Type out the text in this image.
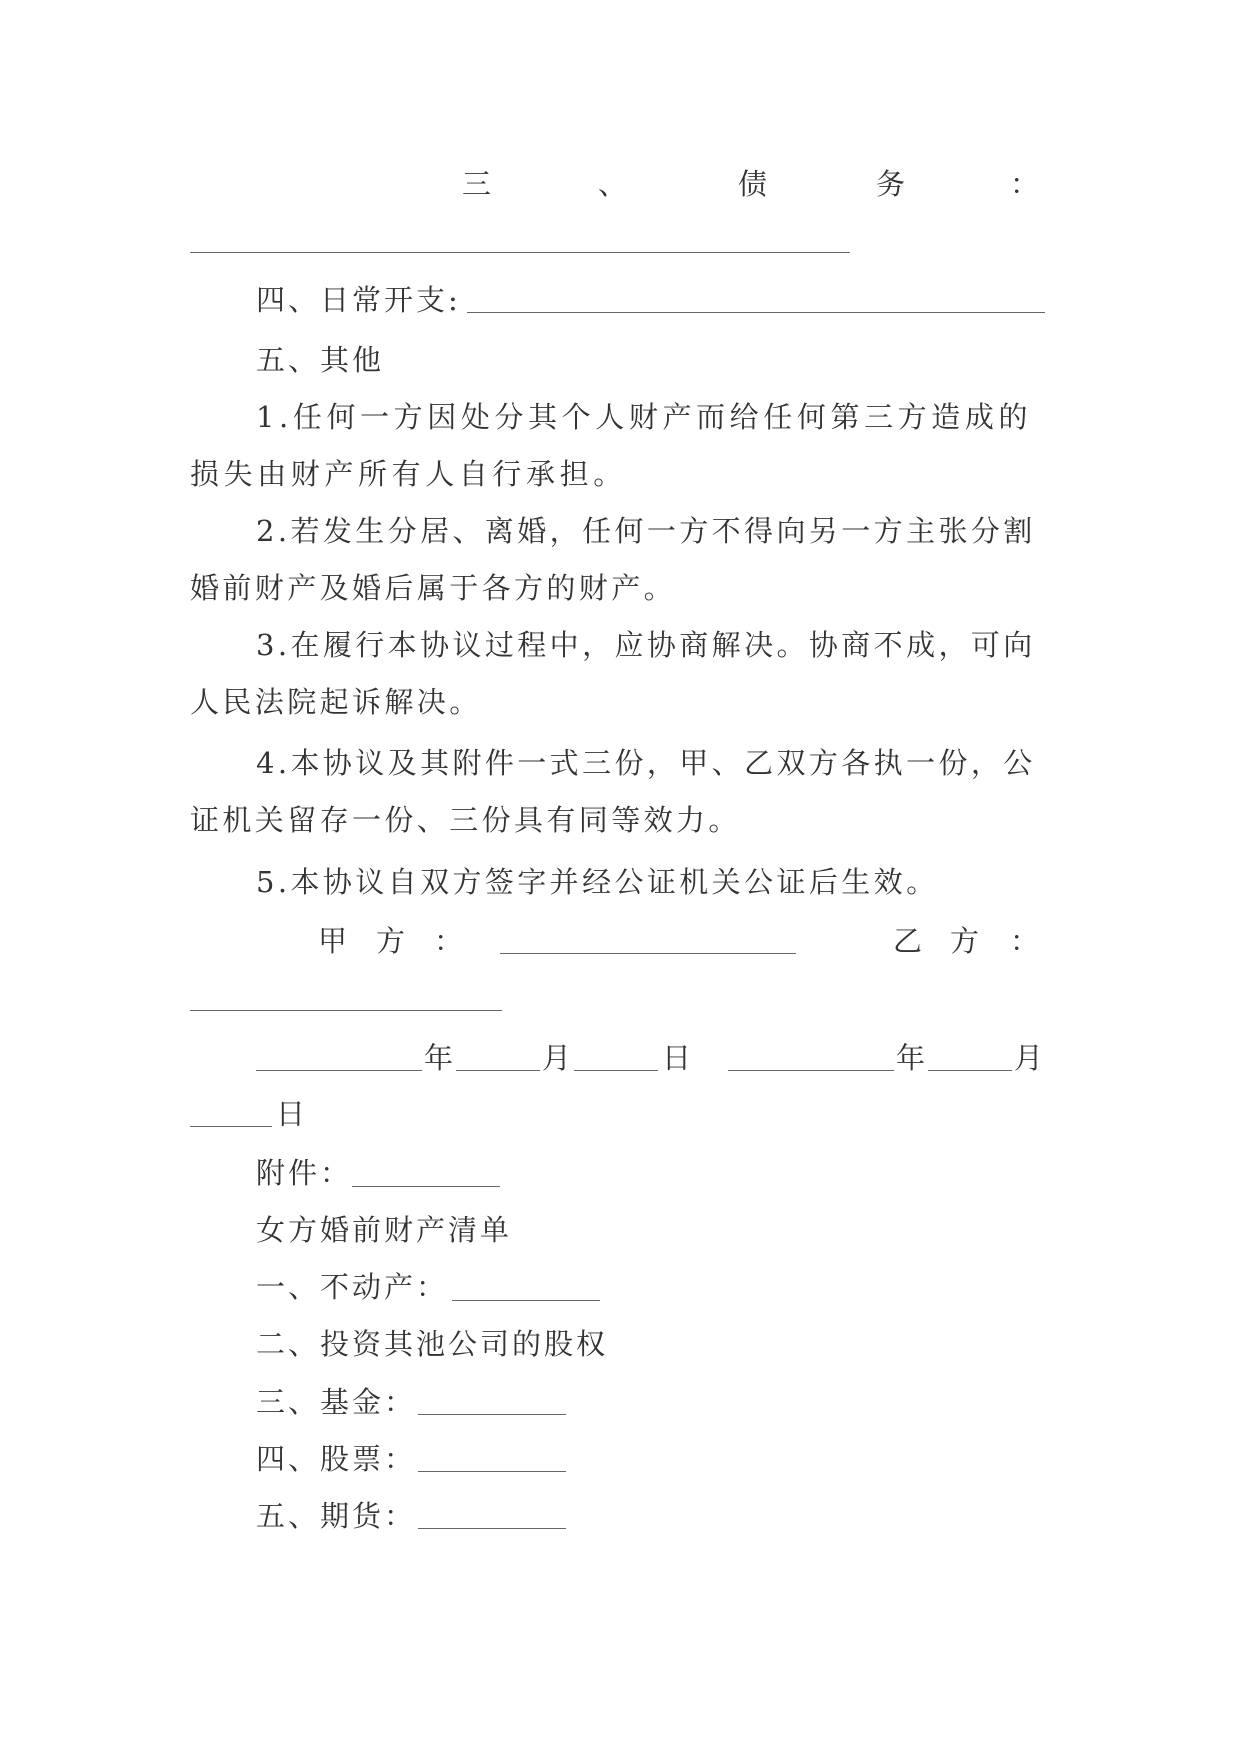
三	、	债	务	：
四、日常开支:
五、其他
1.任何一方因处分其个人财产而给任何第三方造成的
损失由财产所有人自行承担。
2.若发生分居、离婚，任何一方不得向另一方主张分割
婚前财产及婚后属于各方的财产。
3.在履行本协议过程中，应协商解决。协商不成，可向
人民法院起诉解决。
4.本协议及其附件一式三份，甲、乙双方各执一份，公
证机关留存一份、三份具有同等效力。
5.本协议自双方签字并经公证机关公证后生效。
甲 方 ：	乙 方 ：
年	月	日	年	月
日
附件：
女方婚前财产清单
一、不动产：
二、投资其池公司的股权
三、基金：
四、股票：
五、期货：
